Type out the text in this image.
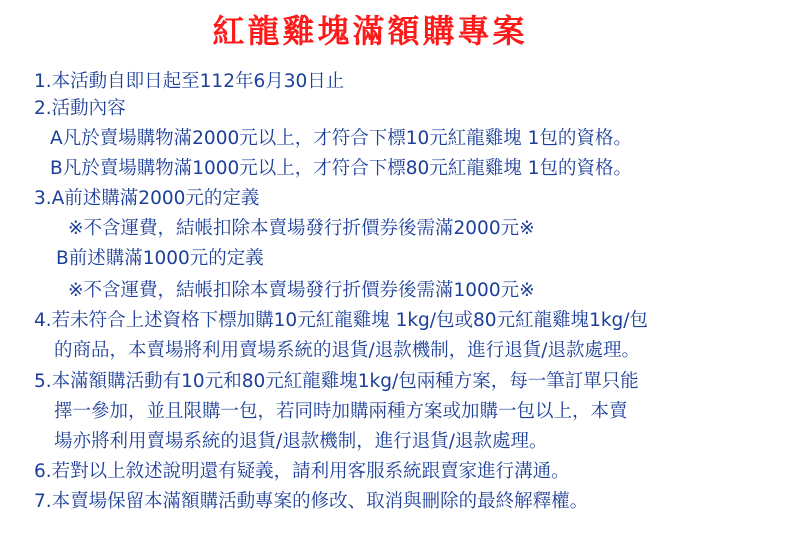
紅龍雞塊滿額購專案
1.本活動自即日起至112年6月30日止
2.活動內容
A凡於賣場購物滿2000元以上，才符合下標10元紅龍雞塊 1包的資格。
B凡於賣場購物滿1000元以上，才符合下標80元紅龍雞塊 1包的資格。
3.A前述購滿2000元的定義
※不含運費，結帳扣除本賣場發行折價券後需滿2000元※
B前述購滿1000元的定義
※不含運費，結帳扣除本賣場發行折價券後需滿1000元※
4.若未符合上述資格下標加購10元紅龍雞塊 1kg/包或80元紅龍雞塊1kg/包
的商品，本賣場將利用賣場系統的退貨/退款機制，進行退貨/退款處理。
5.本滿額購活動有10元和80元紅龍雞塊1kg/包兩種方案，每一筆訂單只能
擇一參加，並且限購一包，若同時加購兩種方案或加購一包以上，本賣
場亦將利用賣場系統的退貨/退款機制，進行退貨/退款處理。
6.若對以上敘述說明還有疑義，請利用客服系統跟賣家進行溝通。
7.本賣場保留本滿額購活動專案的修改、取消與刪除的最終解釋權。
